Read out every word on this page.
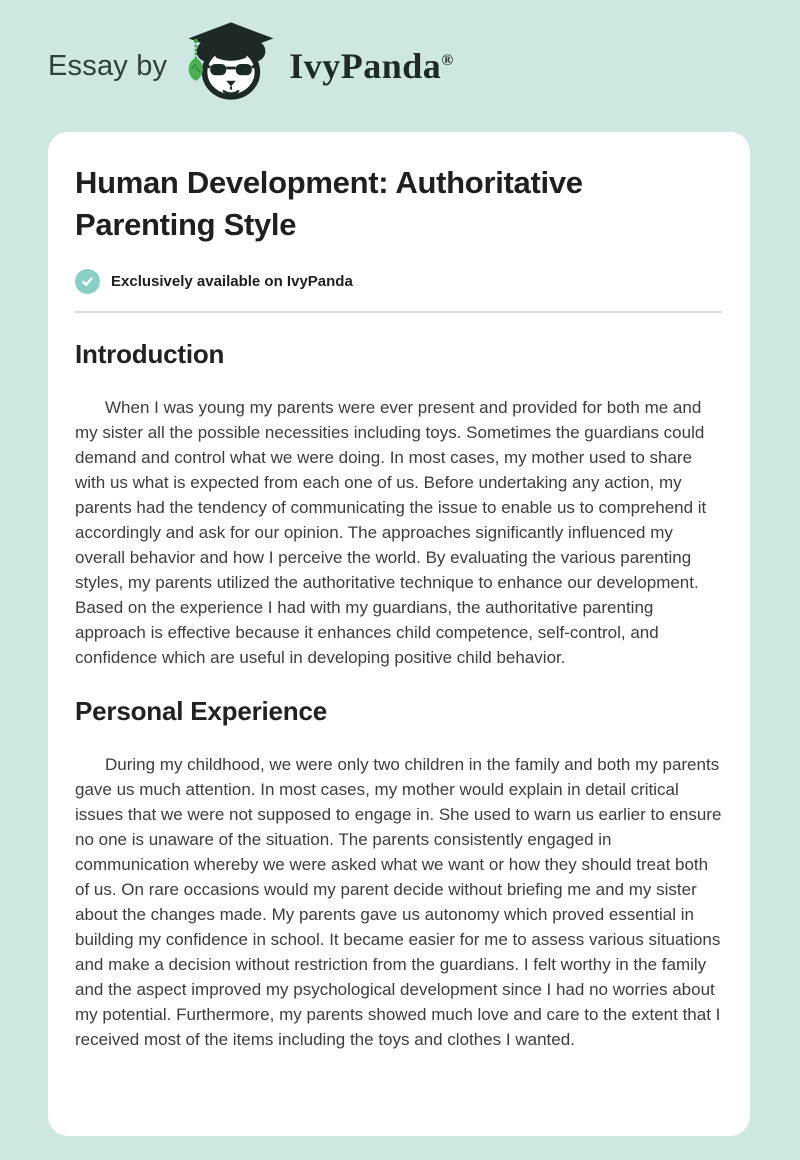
Essay by	IvyPanda®
Human Development: Authoritative Parenting Style
Exclusively available on IvyPanda
Introduction

When I was young my parents were ever present and provided for both me and my sister all the possible necessities including toys. Sometimes the guardians could demand and control what we were doing. In most cases, my mother used to share with us what is expected from each one of us. Before undertaking any action, my parents had the tendency of communicating the issue to enable us to comprehend it accordingly and ask for our opinion. The approaches significantly influenced my overall behavior and how I perceive the world. By evaluating the various parenting styles, my parents utilized the authoritative technique to enhance our development. Based on the experience I had with my guardians, the authoritative parenting approach is effective because it enhances child competence, self-control, and confidence which are useful in developing positive child behavior.

Personal Experience

During my childhood, we were only two children in the family and both my parents gave us much attention. In most cases, my mother would explain in detail critical issues that we were not supposed to engage in. She used to warn us earlier to ensure no one is unaware of the situation. The parents consistently engaged in communication whereby we were asked what we want or how they should treat both of us. On rare occasions would my parent decide without briefing me and my sister about the changes made. My parents gave us autonomy which proved essential in building my confidence in school. It became easier for me to assess various situations and make a decision without restriction from the guardians. I felt worthy in the family and the aspect improved my psychological development since I had no worries about my potential. Furthermore, my parents showed much love and care to the extent that I received most of the items including the toys and clothes I wanted.
